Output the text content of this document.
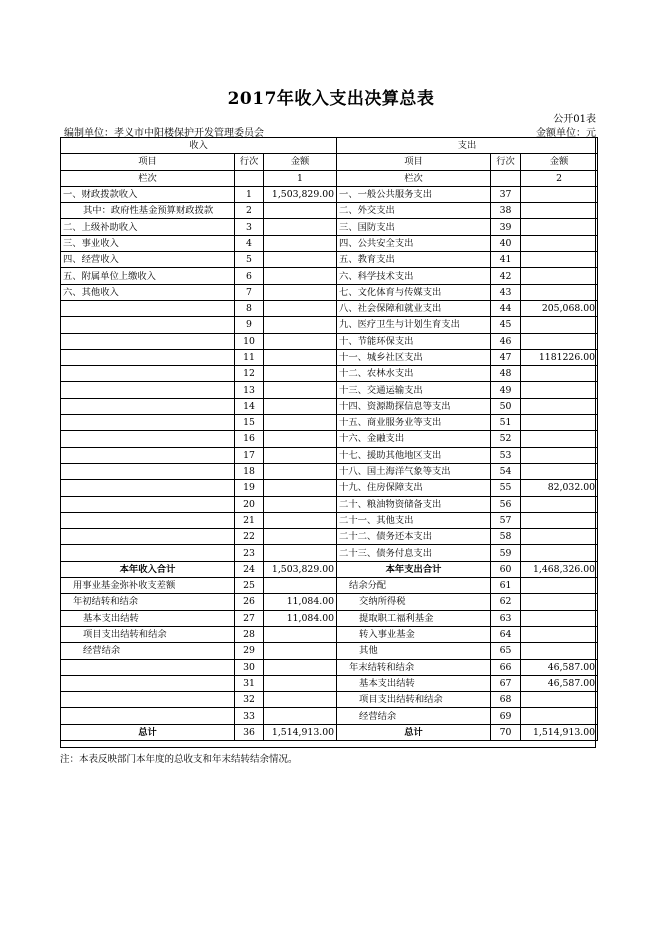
2017年收入支出决算总表
公开01表
编制单位：孝义市中阳楼保护开发管理委员会	金额单位：元
收入			支出		
项目	行次	金额	项目	行次	金额
栏次		1	栏次		2
一、财政拨款收入	1	1,503,829.00	一、一般公共服务支出	37	
其中：政府性基金预算财政拨款	2		二、外交支出	38	
二、上级补助收入	3		三、国防支出	39	
三、事业收入	4		四、公共安全支出	40	
四、经营收入	5		五、教育支出	41	
五、附属单位上缴收入	6		六、科学技术支出	42	
六、其他收入	7		七、文化体育与传媒支出	43	
	8		八、社会保障和就业支出	44	205,068.00
	9		九、医疗卫生与计划生育支出	45	
	10		十、节能环保支出	46	
	11		十一、城乡社区支出	47	1181226.00
	12		十二、农林水支出	48	
	13		十三、交通运输支出	49	
	14		十四、资源勘探信息等支出	50	
	15		十五、商业服务业等支出	51	
	16		十六、金融支出	52	
	17		十七、援助其他地区支出	53	
	18		十八、国土海洋气象等支出	54	
	19		十九、住房保障支出	55	82,032.00
	20		二十、粮油物资储备支出	56	
	21		二十一、其他支出	57	
	22		二十二、债务还本支出	58	
	23		二十三、债务付息支出	59	
本年收入合计	24	1,503,829.00	本年支出合计	60	1,468,326.00
用事业基金弥补收支差额	25		结余分配	61	
年初结转和结余	26	11,084.00	交纳所得税	62	
基本支出结转	27	11,084.00	提取职工福利基金	63	
项目支出结转和结余	28		转入事业基金	64	
经营结余	29		其他	65	
	30		年末结转和结余	66	46,587.00
	31		基本支出结转	67	46,587.00
	32		项目支出结转和结余	68	
	33		经营结余	69	
总计	36	1,514,913.00	总计	70	1,514,913.00
注：本表反映部门本年度的总收支和年末结转结余情况。
